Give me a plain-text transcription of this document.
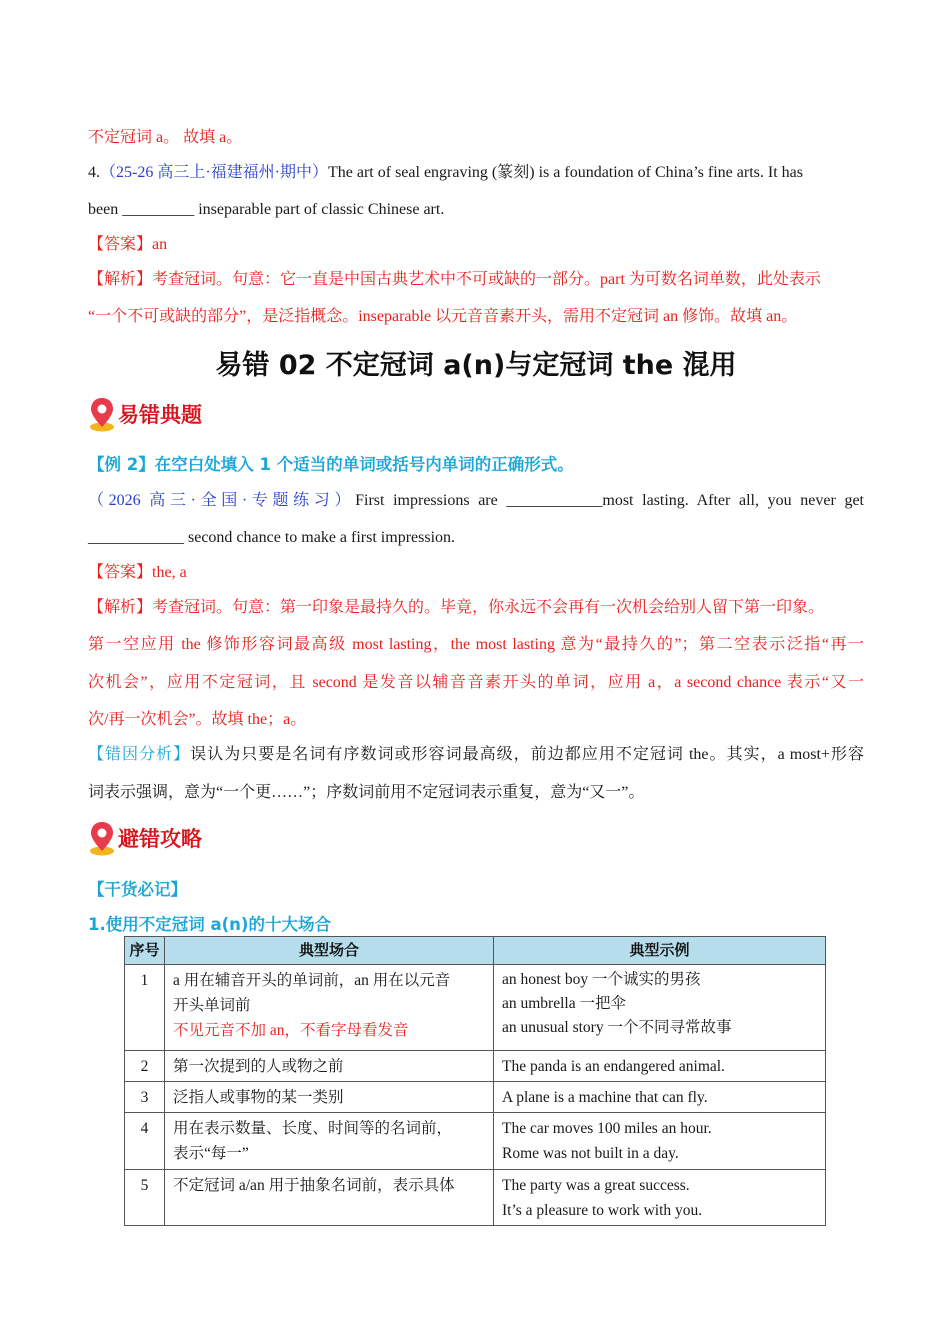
不定冠词 a。 故填 a。
4.（25-26 高三上·福建福州·期中）The art of seal engraving (篆刻) is a foundation of China’s fine arts. It has
been _________ inseparable part of classic Chinese art.
【答案】an
【解析】考查冠词。句意：它一直是中国古典艺术中不可或缺的一部分。part 为可数名词单数，此处表示
“一个不可或缺的部分”，是泛指概念。inseparable 以元音音素开头，需用不定冠词 an 修饰。故填 an。
易错 02 不定冠词 a(n)与定冠词 the 混用
易错典题
【例 2】在空白处填入 1 个适当的单词或括号内单词的正确形式。
（2026 高三·全国·专题练习）First impressions are ____________most lasting. After all, you never get
____________ second chance to make a first impression.
【答案】the, a
【解析】考查冠词。句意：第一印象是最持久的。毕竟，你永远不会再有一次机会给别人留下第一印象。
第一空应用 the 修饰形容词最高级 most lasting，the most lasting 意为“最持久的”；第二空表示泛指“再一
次机会”，应用不定冠词，且 second 是发音以辅音音素开头的单词，应用 a，a second chance 表示“又一
次/再一次机会”。故填 the；a。
【错因分析】误认为只要是名词有序数词或形容词最高级，前边都应用不定冠词 the。其实，a most+形容
词表示强调，意为“一个更……”；序数词前用不定冠词表示重复，意为“又一”。
避错攻略
【干货必记】
1.使用不定冠词 a(n)的十大场合
序号	典型场合	典型示例
1	a 用在辅音开头的单词前，an 用在以元音
开头单词前
不见元音不加 an，不看字母看发音	an honest boy 一个诚实的男孩
an umbrella 一把伞
an unusual story 一个不同寻常故事

2	第一次提到的人或物之前	The panda is an endangered animal.

3	泛指人或事物的某一类别	A plane is a machine that can fly.

4	用在表示数量、长度、时间等的名词前，
表示“每一”	The car moves 100 miles an hour.
Rome was not built in a day.

5	不定冠词 a/an 用于抽象名词前，表示具体	The party was a great success.
It’s a pleasure to work with you.
